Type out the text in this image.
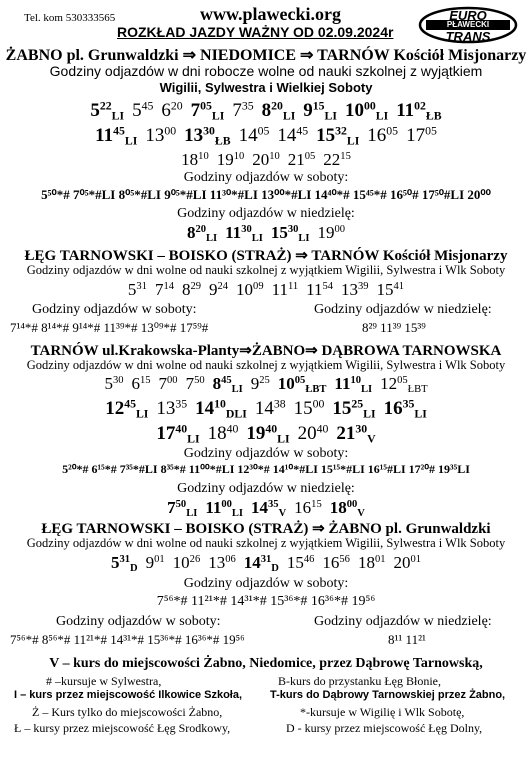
Tel. kom 530333565	www.plawecki.org
ROZKŁAD JAZDY WAŻNY OD 02.09.2024r
EURO
PŁAWECKI
TRANS
ŻABNO pl. Grunwaldzki ⇒ NIEDOMICE ⇒ TARNÓW Kościół Misjonarzy
Godziny odjazdów w dni robocze wolne od nauki szkolnej z wyjątkiem
Wigilii, Sylwestra i Wielkiej Soboty
$5^{22}_{LI}$ $5^{45}$ $6^{20}$ $7^{05}_{LI}$ $7^{35}$ $8^{20}_{LI}$ $9^{15}_{LI}$ $10^{00}_{LI}$ $11^{02}_{ŁB}$
$11^{45}_{LI}$ $13^{00}$ $13^{30}_{ŁB}$ $14^{05}$ $14^{45}$ $15^{32}_{LI}$ $16^{05}$ $17^{05}$
$18^{10}$ $19^{10}$ $20^{10}$ $21^{05}$ $22^{15}$
Godziny odjazdów w soboty:
5⁵⁰*# 7⁰⁵*#LI 8⁰⁵*#LI 9⁰⁵*#LI 11³⁰*#LI 13⁰⁰*#LI 14⁴⁰*# 15⁴⁵*# 16⁵⁰# 17⁵⁰#LI 20⁰⁰
Godziny odjazdów w niedzielę:
$8^{20}_{LI}$ $11^{30}_{LI}$ $15^{30}_{LI}$ $19^{00}$
ŁĘG TARNOWSKI – BOISKO (STRAŻ) ⇒ TARNÓW Kościół Misjonarzy
Godziny odjazdów w dni wolne od nauki szkolnej z wyjątkiem Wigilii, Sylwestra i Wlk Soboty
$5^{31}$ $7^{14}$ $8^{29}$ $9^{24}$ $10^{09}$ $11^{11}$ $11^{54}$ $13^{39}$ $15^{41}$
Godziny odjazdów w soboty:	Godziny odjazdów w niedzielę:
7¹⁴*# 8¹⁴*# 9¹⁴*# 11³⁹*# 13⁰⁹*# 17⁵⁹#	8²⁹ 11³⁹ 15³⁹
TARNÓW ul.Krakowska-Planty⇒ŻABNO⇒ DĄBROWA TARNOWSKA
Godziny odjazdów w dni wolne od nauki szkolnej z wyjątkiem Wigilii, Sylwestra i Wlk Soboty
$5^{30}$ $6^{15}$ $7^{00}$ $7^{50}$ $8^{45}_{LI}$ $9^{25}$ $10^{05}_{ŁBT}$ $11^{10}_{LI}$ $12^{05}_{ŁBT}$
$12^{45}_{LI}$ $13^{35}$ $14^{10}_{DLI}$ $14^{38}$ $15^{00}$ $15^{25}_{LI}$ $16^{35}_{LI}$
$17^{40}_{LI}$ $18^{40}$ $19^{40}_{LI}$ $20^{40}$ $21^{30}_V$
Godziny odjazdów w soboty:
5²⁰*# 6¹⁵*# 7³⁵*#LI 8³⁵*# 11⁰⁰*#LI 12³⁰*# 14¹⁰*#LI 15¹⁵*#LI 16¹⁵#LI 17²⁰# 19³⁵LI
Godziny odjazdów w niedzielę:
$7^{50}_{LI}$ $11^{00}_{LI}$ $14^{35}_V$ $16^{15}$ $18^{00}_V$
ŁĘG TARNOWSKI – BOISKO (STRAŻ) ⇒ ŻABNO pl. Grunwaldzki
Godziny odjazdów w dni wolne od nauki szkolnej z wyjątkiem Wigilii, Sylwestra i Wlk Soboty
$5^{31}_D$ $9^{01}$ $10^{26}$ $13^{06}$ $14^{31}_D$ $15^{46}$ $16^{56}$ $18^{01}$ $20^{01}$
Godziny odjazdów w soboty:
7⁵⁶*# 11²¹*# 14³¹*# 15³⁶*# 16³⁶*# 19⁵⁶
Godziny odjazdów w soboty:	Godziny odjazdów w niedzielę:
7⁵⁶*# 8⁵⁶*# 11²¹*# 14³¹*# 15³⁶*# 16³⁶*# 19⁵⁶	8¹¹ 11²¹
V – kurs do miejscowości Żabno, Niedomice, przez Dąbrowę Tarnowską,
# –kursuje w Sylwestra,	B-kurs do przystanku Łęg Błonie,
I – kurs przez miejscowość Ilkowice Szkoła,	T-kurs do Dąbrowy Tarnowskiej przez Żabno,
Ż – Kurs tylko do miejscowości Żabno,	*-kursuje w Wigilię i Wlk Sobotę,
Ł – kursy przez miejscowość Łęg Srodkowy,	D - kursy przez miejscowość Łęg Dolny,
